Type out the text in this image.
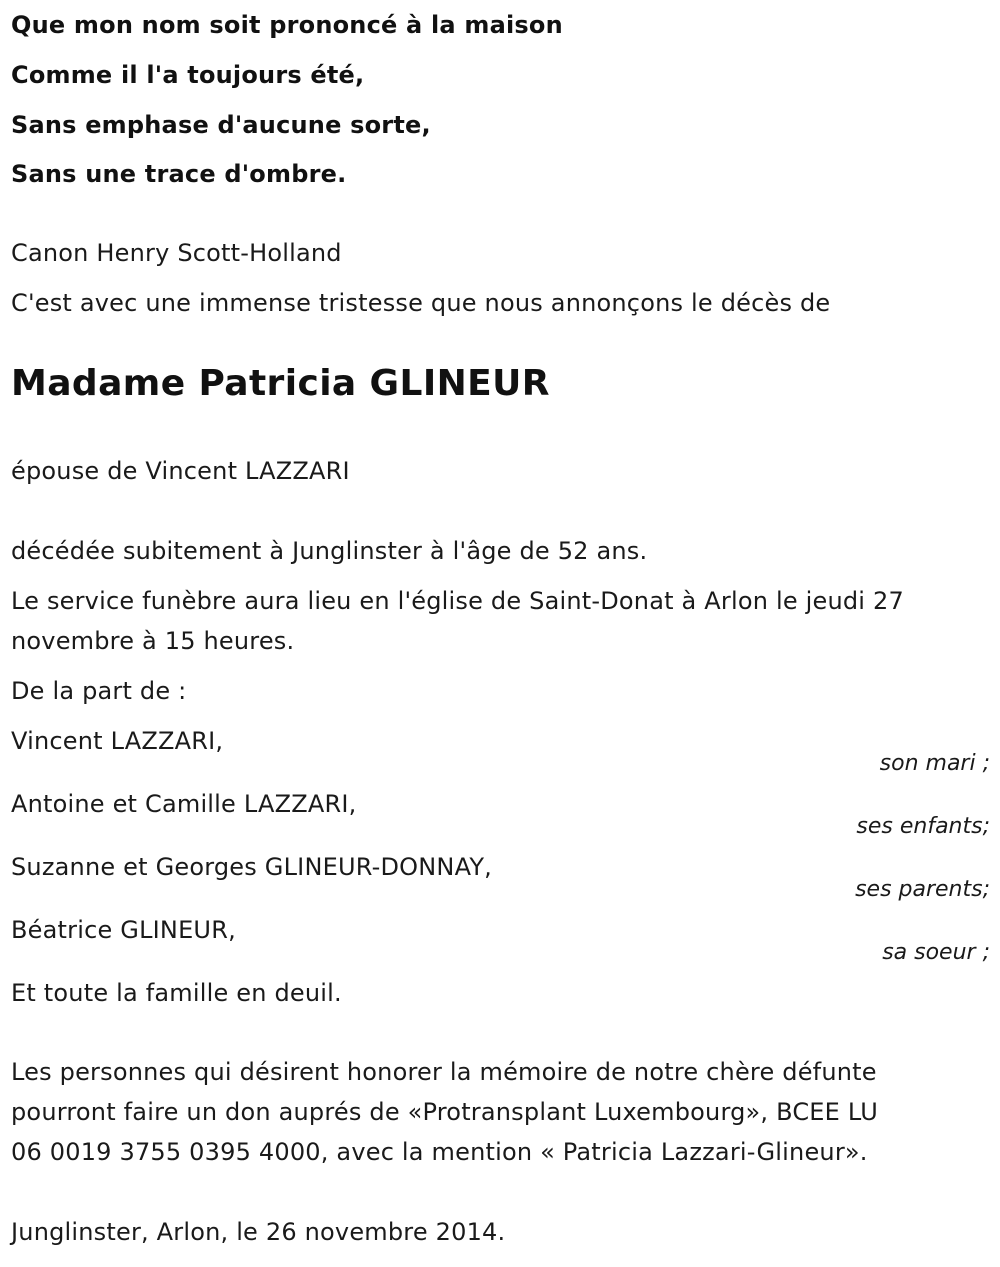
Que mon nom soit prononcé à la maison
Comme il l'a toujours été,
Sans emphase d'aucune sorte,
Sans une trace d'ombre.
Canon Henry Scott-Holland
C'est avec une immense tristesse que nous annonçons le décès de
Madame Patricia GLINEUR
épouse de Vincent LAZZARI
décédée subitement à Junglinster à l'âge de 52 ans.
Le service funèbre aura lieu en l'église de Saint-Donat à Arlon le jeudi 27
novembre à 15 heures.
De la part de :
Vincent LAZZARI,
son mari ;
Antoine et Camille LAZZARI,
ses enfants;
Suzanne et Georges GLINEUR-DONNAY,
ses parents;
Béatrice GLINEUR,
sa soeur ;
Et toute la famille en deuil.
Les personnes qui désirent honorer la mémoire de notre chère défunte
pourront faire un don auprés de «Protransplant Luxembourg», BCEE LU
06 0019 3755 0395 4000, avec la mention « Patricia Lazzari-Glineur».
Junglinster, Arlon, le 26 novembre 2014.
